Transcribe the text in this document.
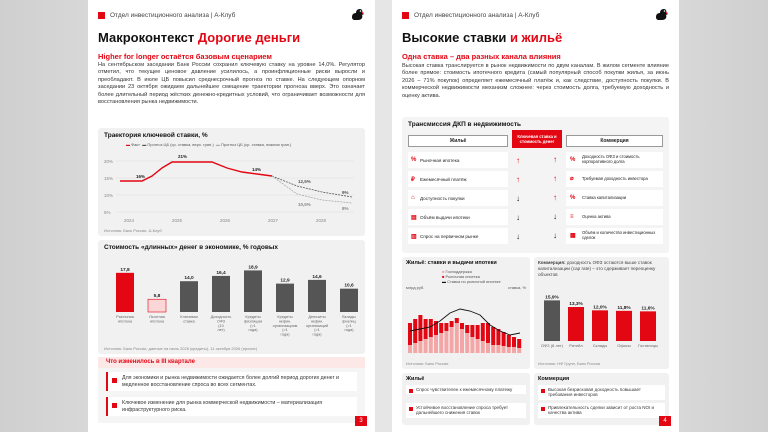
Отдел инвестиционного анализа | А-Клуб
Макроконтекст Дорогие деньги
Higher for longer остаётся базовым сценарием
На сентябрьском заседании Банк России сохранил ключевую ставку на уровне 14,0%. Регулятор отметил, что текущее ценовое давление усилилось, а проинфляционные риски выросли и преобладают. В июле ЦБ повысил среднесрочный прогноз по ставке. На следующем опорном заседании 23 октября ожидаем дальнейшее смещение траектории прогноза вверх. Это означает более длительный период жёстких денежно-кредитных условий, что ограничивает возможности для восстановления рынка недвижимости.
Траектория ключевой ставки, %
▬ Факт ▬ Прогноз ЦБ (ср. ставка, верх. гран.) ▬ Прогноз ЦБ (ср. ставка, нижняя гран.)
20%
15%
10%
5%
16%
21%
14%
12,5%
10,5%
9%
8%
2024	2025	2026	2027	2028
Источник: Банк России, А-Клуб
Стоимость «длинных» денег в экономике, % годовых
17,8
Рыночная ипотека
5,8
Льготная ипотека
14,0
Ключевая ставка
16,4
Доходность ОФЗ (10 лет)
18,9
Кредиты физлицам (>1 года)
12,9
Кредиты нефин. организациям (>1 года)
14,6
Депозиты нефин. организаций (>1 года)
10,6
Вклады физлиц (>1 года)
Источник: Банк России, данные на июль 2026 (кредиты), 11 октября 2026 (прочие)
Что изменилось в III квартале
Для экономики и рынка недвижимости ожидается более долгий период дорогих денег и медленное восстановление спроса во всех сегментах.
Ключевое изменение для рынка коммерческой недвижимости – материализация инфраструктурного риска.
3
Отдел инвестиционного анализа | А-Клуб
Высокие ставки и жильё
Одна ставка – два разных канала влияния
Высокая ставка транслируется в рынок недвижимости по двум каналам. В жилом сегменте влияние более прямое: стоимость ипотечного кредита (самый популярный способ покупки жилья, за июнь 2026 – 71% покупок) определяет ежемесячный платёж и, как следствие, доступность покупки. В коммерческой недвижимости механизм сложнее: через стоимость долга, требуемую доходность и оценку актива.
Трансмиссия ДКП в недвижимость
Жильё
Ключевая ставка и стоимость денег	Коммерция
% Рыночная ипотека	↑	↑ % Доходность ОФЗ и стоимость корпоративного долга
₽	Ежемесячный платёж	↑	↑ ⌀ Требуемая доходность инвестора
⌂	Доступность покупки	↓	↑ % Ставка капитализации
▤ Объём выдачи ипотеки	↓	↓ ≡ Оценка актива
▥ Спрос на первичном рынке	↓	↓ ▦ Объём и количество инвестиционных сделок
Жильё: ставки и выдачи ипотеки
■ Господдержка
■ Рыночная ипотека
▬ Ставка по рыночной ипотеке
млрд руб.	ставка, %
Источник: Банк России
Коммерция: доходность ОФЗ остаются выше ставок капитализации (cap rate) – это сдерживает переоценку объектов
15,9%
ОФЗ (8 лет)
13,3%
Ритейл
12,0%
Склады
11,8%
Офисы
11,6%
Гостиницы
Источник: НФ Групп, Банк России
Жильё
Спрос чувствителен к ежемесячному платежу
Устойчивое восстановление спроса требует дальнейшего снижения ставок
Коммерция
Высокая безрисковая доходность повышает требования инвесторов
Привлекательность сделки зависит от роста NOI и качества актива
4
